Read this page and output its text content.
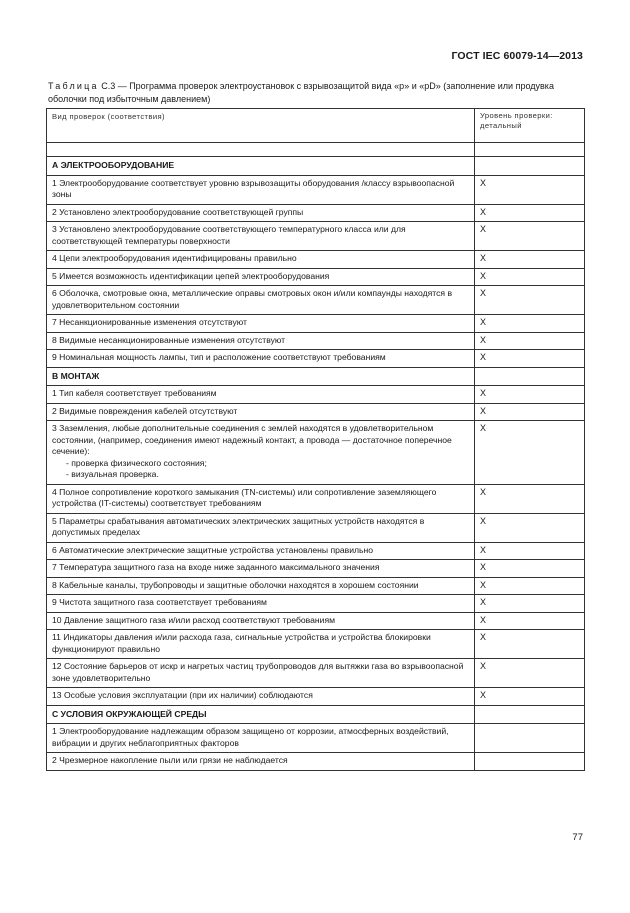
ГОСТ IEC 60079-14—2013
Таблица С.3 — Программа проверок электроустановок с взрывозащитой вида «р» и «pD» (заполнение или продувка оболочки под избыточным давлением)
Вид проверок (соответствия)	Уровень проверки: детальный

А ЭЛЕКТРООБОРУДОВАНИЕ	
1 Электрооборудование соответствует уровню взрывозащиты оборудования /классу взрывоопасной зоны	X
2 Установлено электрооборудование соответствующей группы	X
3 Установлено электрооборудование соответствующего температурного класса или для соответствующей температуры поверхности	X
4 Цепи электрооборудования идентифицированы правильно	X
5 Имеется возможность идентификации цепей электрооборудования	X
6 Оболочка, смотровые окна, металлические оправы смотровых окон и/или компаунды находятся в удовлетворительном состоянии	X
7 Несанкционированные изменения отсутствуют	X
8 Видимые несанкционированные изменения отсутствуют	X
9 Номинальная мощность лампы, тип и расположение соответствуют требованиям	X
В МОНТАЖ	
1 Тип кабеля соответствует требованиям	X
2 Видимые повреждения кабелей отсутствуют	X
3 Заземления, любые дополнительные соединения с землей находятся в удовлетворительном состоянии, (например, соединения имеют надежный контакт, а провода — достаточное поперечное сечение):
- проверка физического состояния;
- визуальная проверка.	X
4 Полное сопротивление короткого замыкания (TN-системы) или сопротивление заземляющего устройства (IT-системы) соответствует требованиям	X
5 Параметры срабатывания автоматических электрических защитных устройств находятся в допустимых пределах	X
6 Автоматические электрические защитные устройства установлены правильно	X
7 Температура защитного газа на входе ниже заданного максимального значения	X
8 Кабельные каналы, трубопроводы и защитные оболочки находятся в хорошем состоянии	X
9 Чистота защитного газа соответствует требованиям	X
10 Давление защитного газа и/или расход соответствуют требованиям	X
11 Индикаторы давления и/или расхода газа, сигнальные устройства и устройства блокировки функционируют правильно	X
12 Состояние барьеров от искр и нагретых частиц трубопроводов для вытяжки газа во взрывоопасной зоне удовлетворительно	X
13 Особые условия эксплуатации (при их наличии) соблюдаются	X
С УСЛОВИЯ ОКРУЖАЮЩЕЙ СРЕДЫ	
1 Электрооборудование надлежащим образом защищено от коррозии, атмосферных воздействий, вибрации и других неблагоприятных факторов	
2 Чрезмерное накопление пыли или грязи не наблюдается	
77
